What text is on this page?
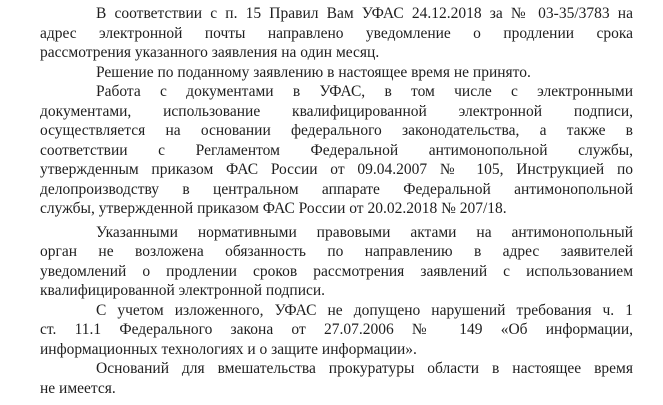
В соответствии с п. 15 Правил Вам УФАС 24.12.2018 за № 03-35/3783 на
адрес электронной почты направлено уведомление о продлении срока
рассмотрения указанного заявления на один месяц.
Решение по поданному заявлению в настоящее время не принято.
Работа с документами в УФАС, в том числе с электронными
документами, использование квалифицированной электронной подписи,
осуществляется на основании федерального законодательства, а также в
соответствии с Регламентом Федеральной антимонопольной службы,
утвержденным приказом ФАС России от 09.04.2007 № 105, Инструкцией по
делопроизводству в центральном аппарате Федеральной антимонопольной
службы, утвержденной приказом ФАС России от 20.02.2018 № 207/18.
Указанными нормативными правовыми актами на антимонопольный
орган не возложена обязанность по направлению в адрес заявителей
уведомлений о продлении сроков рассмотрения заявлений с использованием
квалифицированной электронной подписи.
С учетом изложенного, УФАС не допущено нарушений требования ч. 1
ст. 11.1 Федерального закона от 27.07.2006 № 149 «Об информации,
информационных технологиях и о защите информации».
Оснований для вмешательства прокуратуры области в настоящее время
не имеется.
